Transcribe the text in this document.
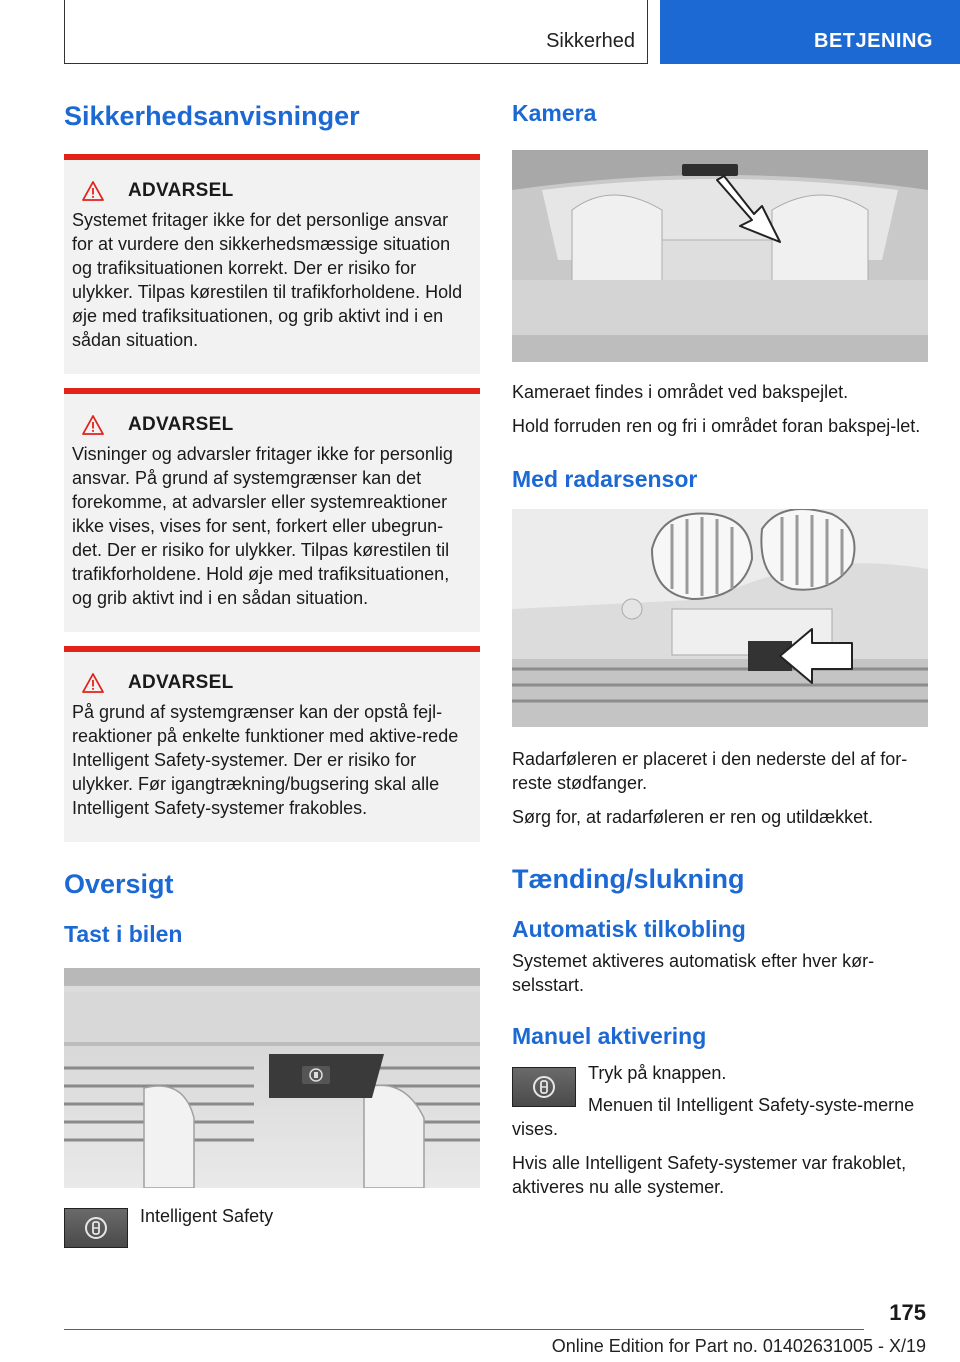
Sikkerhed	BETJENING
Sikkerhedsanvisninger
ADVARSEL

Systemet fritager ikke for det personlige ansvar for at vurdere den sikkerhedsmæssige situation og trafiksituationen korrekt. Der er risiko for ulykker. Tilpas kørestilen til trafikforholdene. Hold øje med trafiksituationen, og grib aktivt ind i en sådan situation.

ADVARSEL

Visninger og advarsler fritager ikke for personlig ansvar. På grund af systemgrænser kan det forekomme, at advarsler eller systemreaktioner ikke vises, vises for sent, forkert eller ubegrun-det. Der er risiko for ulykker. Tilpas kørestilen til trafikforholdene. Hold øje med trafiksituationen, og grib aktivt ind i en sådan situation.

ADVARSEL

På grund af systemgrænser kan der opstå fejl-reaktioner på enkelte funktioner med aktive-rede Intelligent Safety-systemer. Der er risiko for ulykker. Før igangtrækning/bugsering skal alle Intelligent Safety-systemer frakobles.

Oversigt
Tast i bilen

Intelligent Safety

Kamera

Kameraet findes i området ved bakspejlet.

Hold forruden ren og fri i området foran bakspej-let.

Med radarsensor

Radarføleren er placeret i den nederste del af for-reste stødfanger.

Sørg for, at radarføleren er ren og utildækket.

Tænding/slukning
Automatisk tilkobling

Systemet aktiveres automatisk efter hver kør-selsstart.

Manuel aktivering

Tryk på knappen.

Menuen til Intelligent Safety-syste-merne vises.

Hvis alle Intelligent Safety-systemer var frakoblet, aktiveres nu alle systemer.

175
Online Edition for Part no. 01402631005 - X/19
